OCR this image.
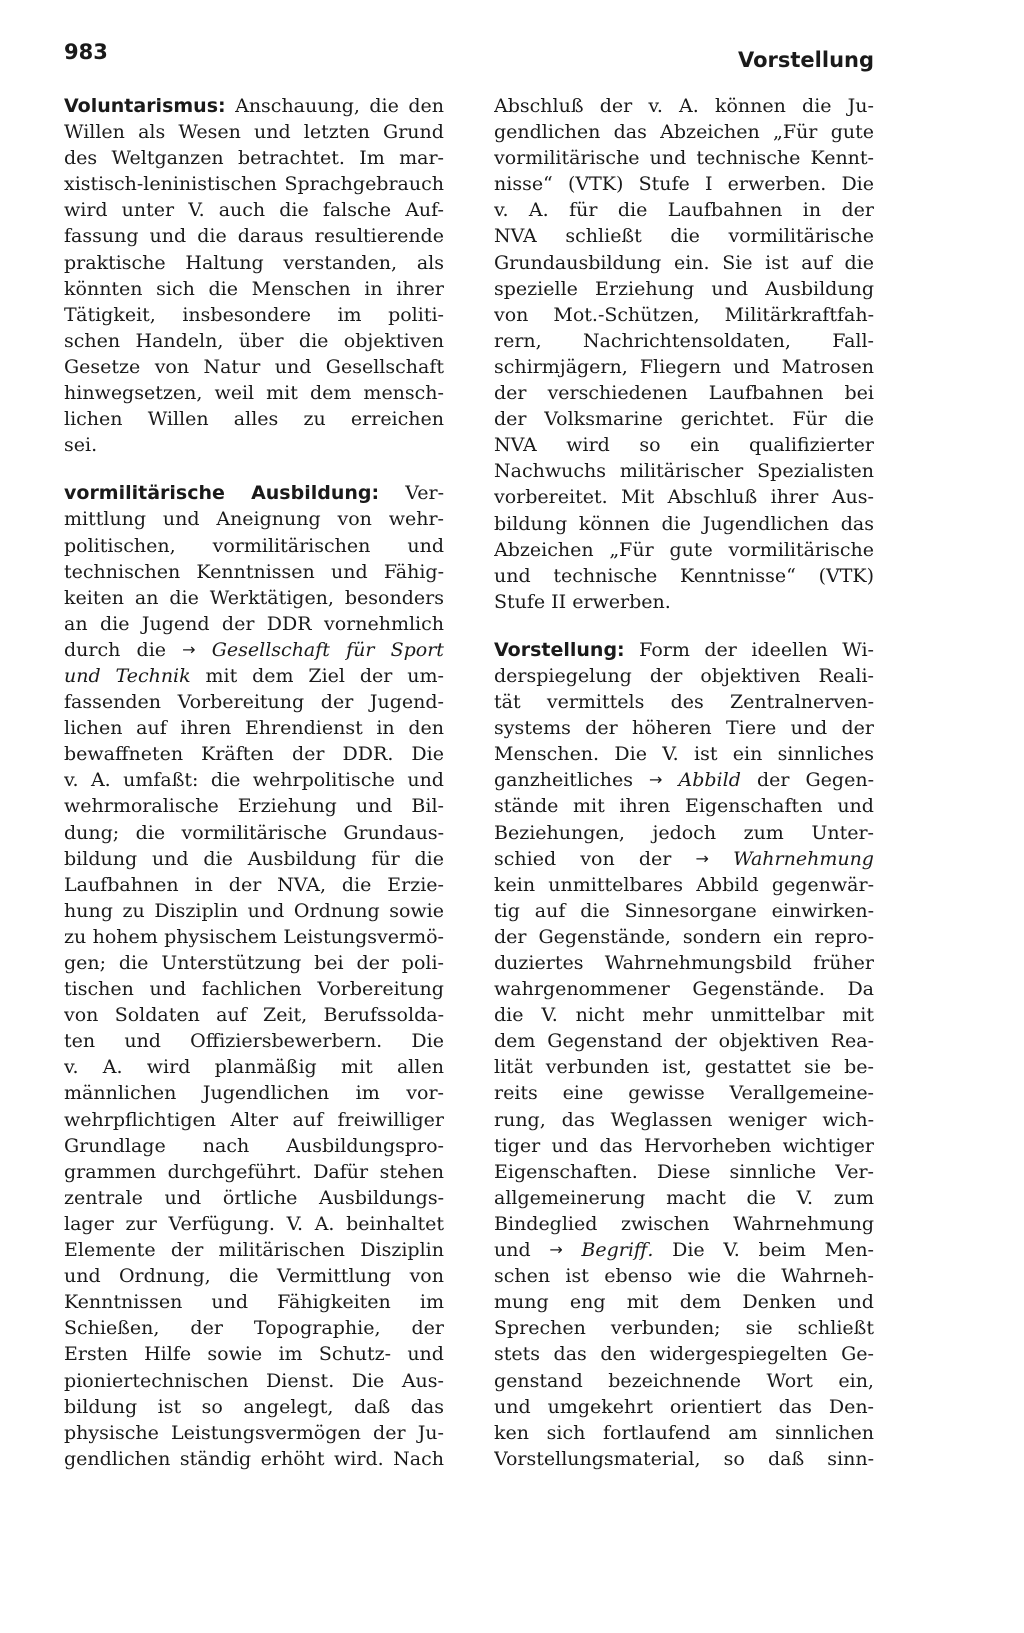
983	Vorstellung
Voluntarismus: Anschauung, die den
Willen als Wesen und letzten Grund
des Weltganzen betrachtet. Im mar-
xistisch-leninistischen Sprachgebrauch
wird unter V. auch die falsche Auf-
fassung und die daraus resultierende
praktische Haltung verstanden, als
könnten sich die Menschen in ihrer
Tätigkeit, insbesondere im politi-
schen Handeln, über die objektiven
Gesetze von Natur und Gesellschaft
hinwegsetzen, weil mit dem mensch-
lichen Willen alles zu erreichen
sei.
vormilitärische Ausbildung: Ver-
mittlung und Aneignung von wehr-
politischen, vormilitärischen und
technischen Kenntnissen und Fähig-
keiten an die Werktätigen, besonders
an die Jugend der DDR vornehmlich
durch die → Gesellschaft für Sport
und Technik mit dem Ziel der um-
fassenden Vorbereitung der Jugend-
lichen auf ihren Ehrendienst in den
bewaffneten Kräften der DDR. Die
v. A. umfaßt: die wehrpolitische und
wehrmoralische Erziehung und Bil-
dung; die vormilitärische Grundaus-
bildung und die Ausbildung für die
Laufbahnen in der NVA, die Erzie-
hung zu Disziplin und Ordnung sowie
zu hohem physischem Leistungsvermö-
gen; die Unterstützung bei der poli-
tischen und fachlichen Vorbereitung
von Soldaten auf Zeit, Berufssolda-
ten und Offiziersbewerbern. Die
v. A. wird planmäßig mit allen
männlichen Jugendlichen im vor-
wehrpflichtigen Alter auf freiwilliger
Grundlage nach Ausbildungspro-
grammen durchgeführt. Dafür stehen
zentrale und örtliche Ausbildungs-
lager zur Verfügung. V. A. beinhaltet
Elemente der militärischen Disziplin
und Ordnung, die Vermittlung von
Kenntnissen und Fähigkeiten im
Schießen, der Topographie, der
Ersten Hilfe sowie im Schutz- und
pioniertechnischen Dienst. Die Aus-
bildung ist so angelegt, daß das
physische Leistungsvermögen der Ju-
gendlichen ständig erhöht wird. Nach
Abschluß der v. A. können die Ju-
gendlichen das Abzeichen „Für gute
vormilitärische und technische Kennt-
nisse“ (VTK) Stufe I erwerben. Die
v. A. für die Laufbahnen in der
NVA schließt die vormilitärische
Grundausbildung ein. Sie ist auf die
spezielle Erziehung und Ausbildung
von Mot.-Schützen, Militärkraftfah-
rern, Nachrichtensoldaten, Fall-
schirmjägern, Fliegern und Matrosen
der verschiedenen Laufbahnen bei
der Volksmarine gerichtet. Für die
NVA wird so ein qualifizierter
Nachwuchs militärischer Spezialisten
vorbereitet. Mit Abschluß ihrer Aus-
bildung können die Jugendlichen das
Abzeichen „Für gute vormilitärische
und technische Kenntnisse“ (VTK)
Stufe II erwerben.
Vorstellung: Form der ideellen Wi-
derspiegelung der objektiven Reali-
tät vermittels des Zentralnerven-
systems der höheren Tiere und der
Menschen. Die V. ist ein sinnliches
ganzheitliches → Abbild der Gegen-
stände mit ihren Eigenschaften und
Beziehungen, jedoch zum Unter-
schied von der → Wahrnehmung
kein unmittelbares Abbild gegenwär-
tig auf die Sinnesorgane einwirken-
der Gegenstände, sondern ein repro-
duziertes Wahrnehmungsbild früher
wahrgenommener Gegenstände. Da
die V. nicht mehr unmittelbar mit
dem Gegenstand der objektiven Rea-
lität verbunden ist, gestattet sie be-
reits eine gewisse Verallgemeine-
rung, das Weglassen weniger wich-
tiger und das Hervorheben wichtiger
Eigenschaften. Diese sinnliche Ver-
allgemeinerung macht die V. zum
Bindeglied zwischen Wahrnehmung
und → Begriff. Die V. beim Men-
schen ist ebenso wie die Wahrneh-
mung eng mit dem Denken und
Sprechen verbunden; sie schließt
stets das den widergespiegelten Ge-
genstand bezeichnende Wort ein,
und umgekehrt orientiert das Den-
ken sich fortlaufend am sinnlichen
Vorstellungsmaterial, so daß sinn-
